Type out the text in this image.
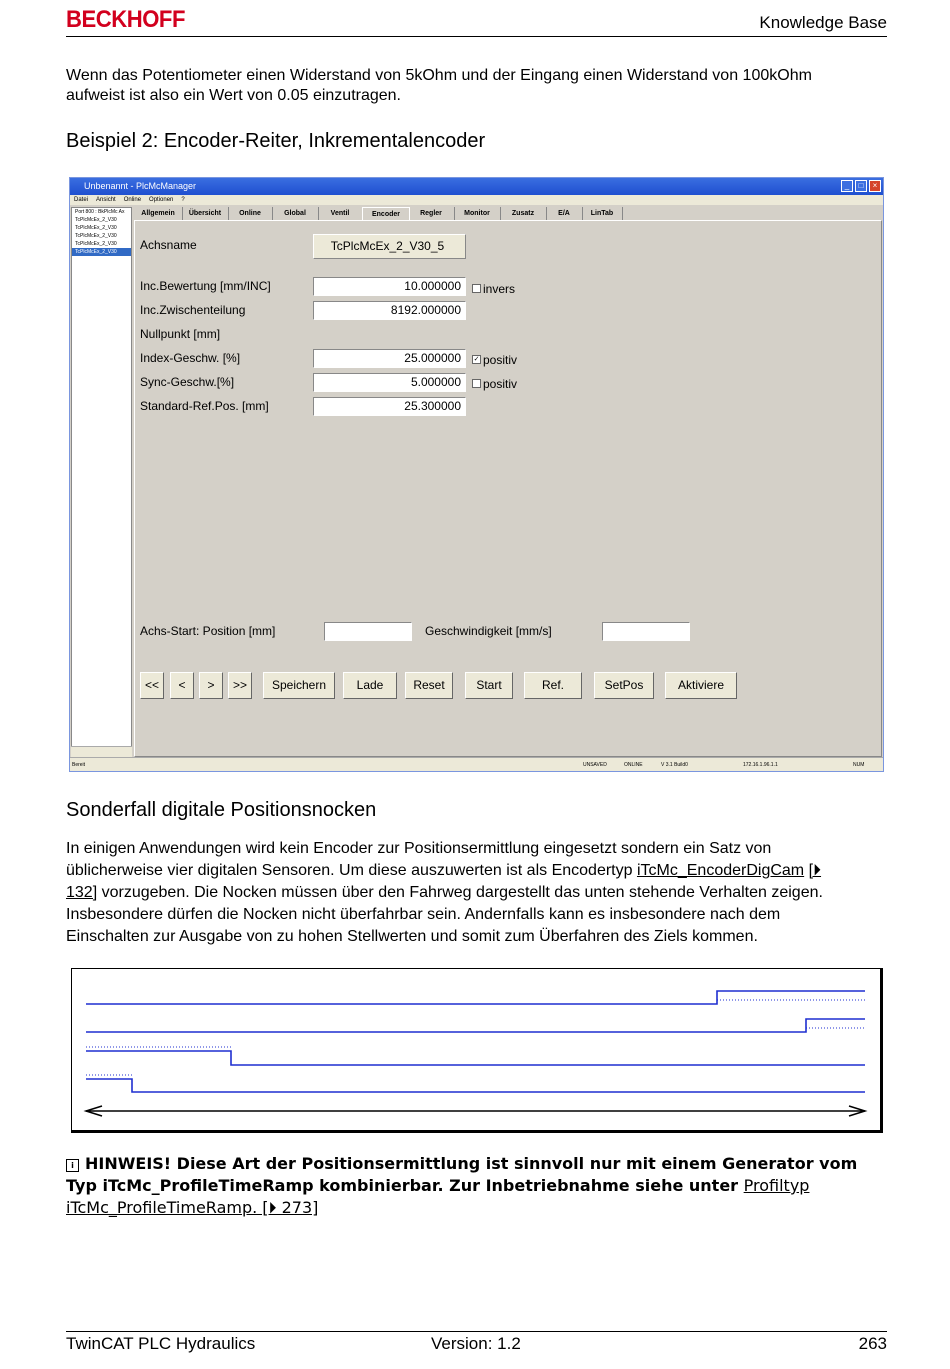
BECKHOFF	Knowledge Base
Wenn das Potentiometer einen Widerstand von 5kOhm und der Eingang einen Widerstand von 100kOhm aufweist ist also ein Wert von 0.05 einzutragen.
Beispiel 2: Encoder-Reiter, Inkrementalencoder
Unbenannt - PlcMcManager	_	□	×
Datei Ansicht Online Optionen ?
Port 800 : BkPlcMc Ax
TcPlcMcEx_2_V30
TcPlcMcEx_2_V30
TcPlcMcEx_2_V30
TcPlcMcEx_2_V30
TcPlcMcEx_2_V30
Allgemein	Übersicht	Online	Global	Ventil	Encoder	Regler	Monitor	Zusatz	E/A	LinTab
Achsname	TcPlcMcEx_2_V30_5
Inc.Bewertung [mm/INC]	10.000000	invers
Inc.Zwischenteilung	8192.000000
Nullpunkt [mm]
Index-Geschw. [%]	25.000000	✓ positiv
Sync-Geschw.[%]	5.000000	positiv
Standard-Ref.Pos. [mm]	25.300000
Achs-Start: Position [mm]	Geschwindigkeit [mm/s]
<<	<	>	>>	Speichern	Lade	Reset	Start	Ref.	SetPos	Aktiviere
Bereit	UNSAVED	ONLINE	V 3.1 Build0	172.16.1.96.1.1	NUM
Sonderfall digitale Positionsnocken
In einigen Anwendungen wird kein Encoder zur Positionsermittlung eingesetzt sondern ein Satz von üblicherweise vier digitalen Sensoren. Um diese auszuwerten ist als Encodertyp iTcMc_EncoderDigCam [⏵ 132] vorzugeben. Die Nocken müssen über den Fahrweg dargestellt das unten stehende Verhalten zeigen. Insbesondere dürfen die Nocken nicht überfahrbar sein. Andernfalls kann es insbesondere nach dem Einschalten zur Ausgabe von zu hohen Stellwerten und somit zum Überfahren des Ziels kommen.
i HINWEIS! Diese Art der Positionsermittlung ist sinnvoll nur mit einem Generator vom Typ iTcMc_ProfileTimeRamp kombinierbar. Zur Inbetriebnahme siehe unter Profiltyp iTcMc_ProfileTimeRamp. [⏵ 273]
TwinCAT PLC Hydraulics	Version: 1.2	263
